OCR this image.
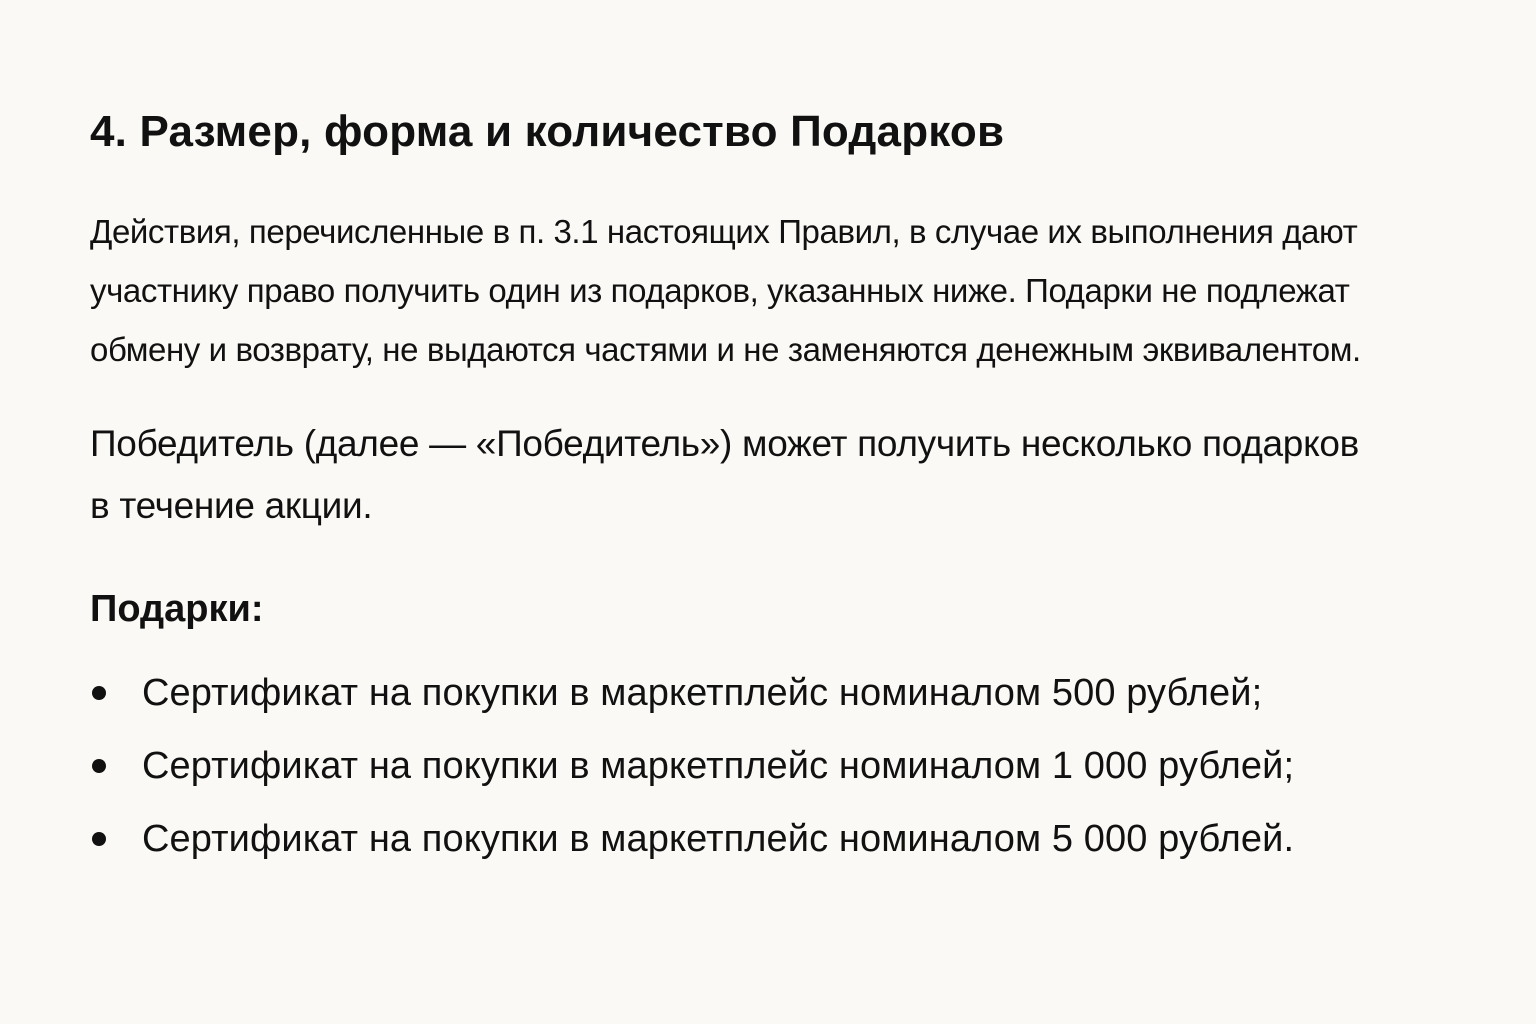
4. Размер, форма и количество Подарков

Действия, перечисленные в п. 3.1 настоящих Правил, в случае их выполнения дают
участнику право получить один из подарков, указанных ниже. Подарки не подлежат
обмену и возврату, не выдаются частями и не заменяются денежным эквивалентом.

Победитель (далее — «Победитель») может получить несколько подарков
в течение акции.

Подарки:
Сертификат на покупки в маркетплейс номиналом 500 рублей;
Сертификат на покупки в маркетплейс номиналом 1 000 рублей;
Сертификат на покупки в маркетплейс номиналом 5 000 рублей.
